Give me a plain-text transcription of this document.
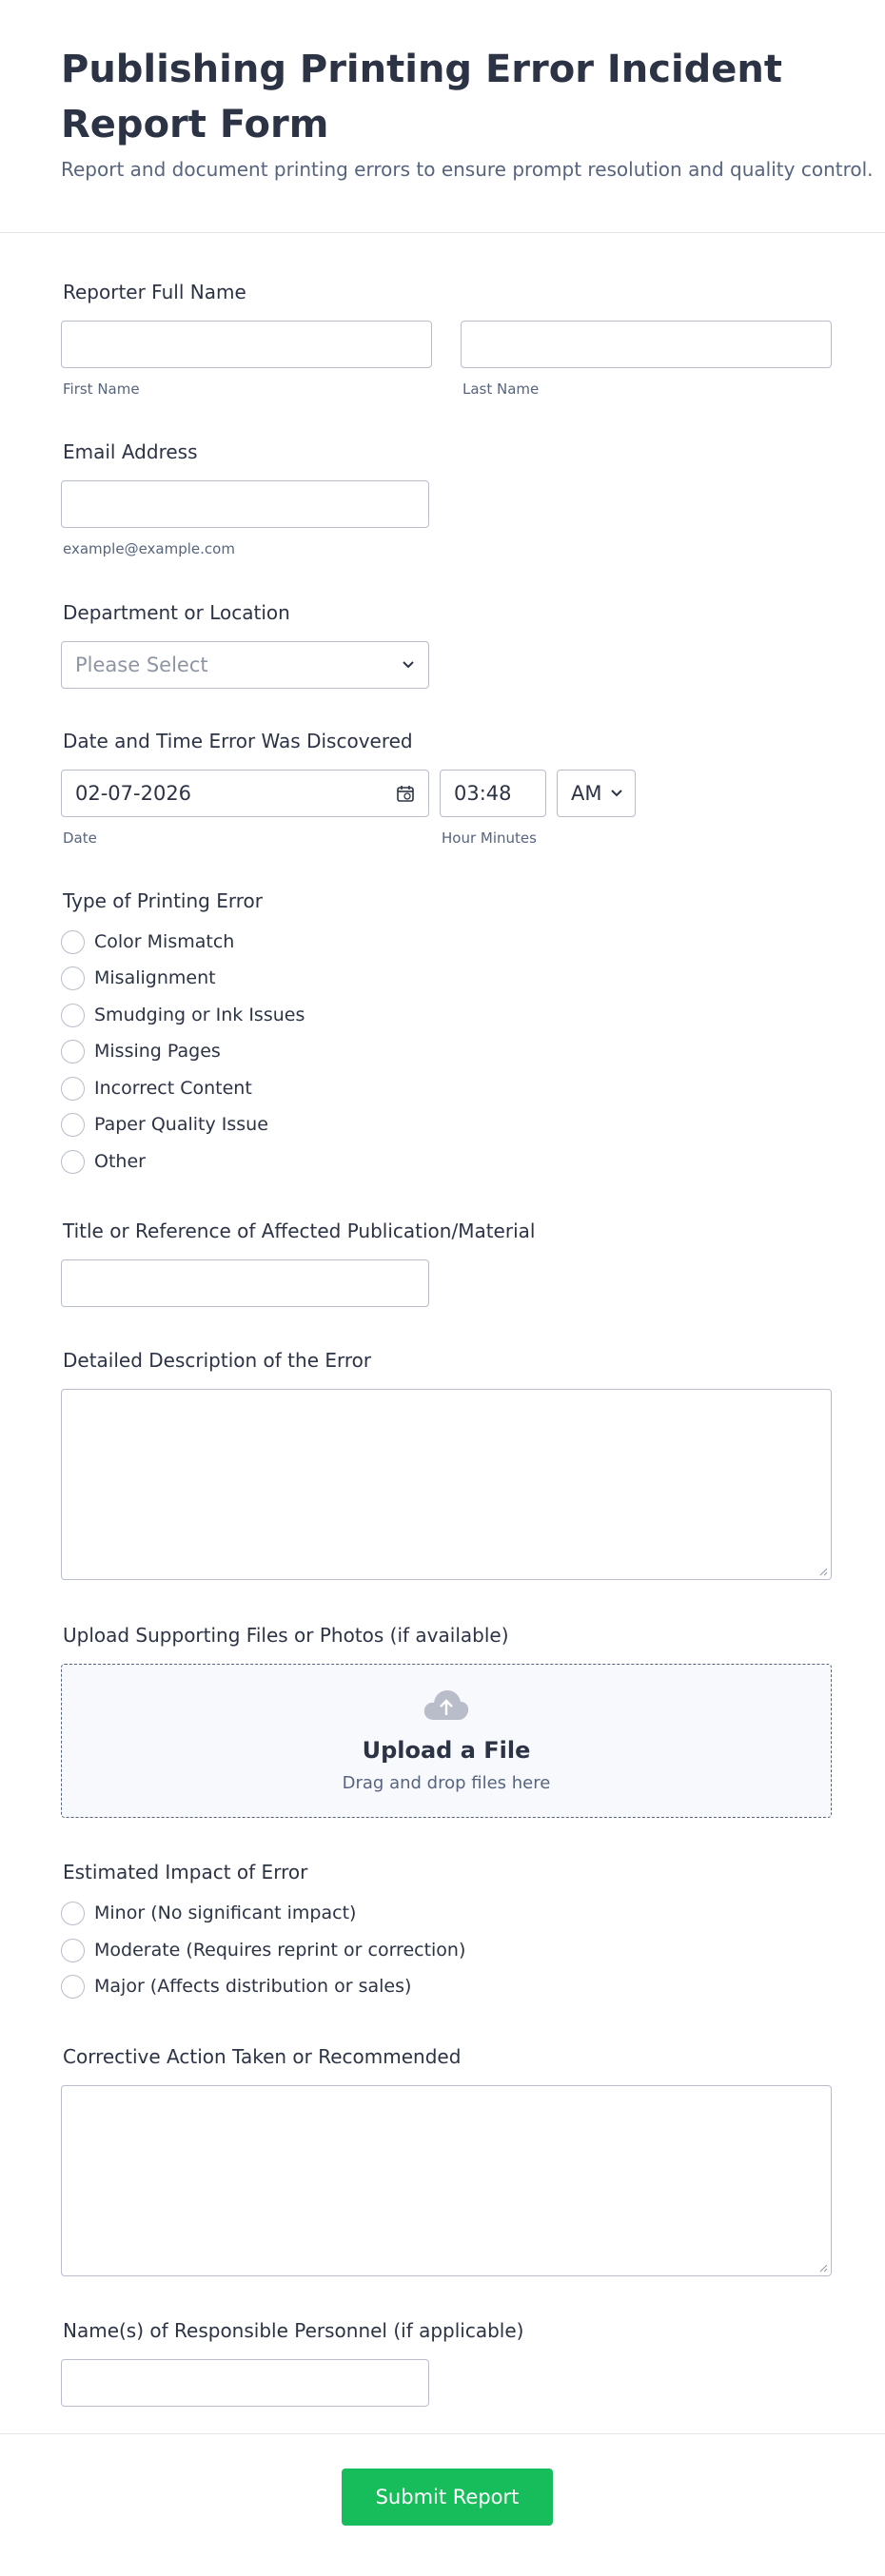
Publishing Printing Error Incident Report Form
Report and document printing errors to ensure prompt resolution and quality control.
Reporter Full Name
First Name	Last Name
Email Address
example@example.com
Department or Location
Please Select
Date and Time Error Was Discovered
02-07-2026	03:48	AM
Date	Hour Minutes
Type of Printing Error
Color Mismatch
Misalignment
Smudging or Ink Issues
Missing Pages
Incorrect Content
Paper Quality Issue
Other
Title or Reference of Affected Publication/Material
Detailed Description of the Error
Upload Supporting Files or Photos (if available)
Upload a File
Drag and drop files here
Estimated Impact of Error
Minor (No significant impact)
Moderate (Requires reprint or correction)
Major (Affects distribution or sales)
Corrective Action Taken or Recommended
Name(s) of Responsible Personnel (if applicable)
Submit Report
